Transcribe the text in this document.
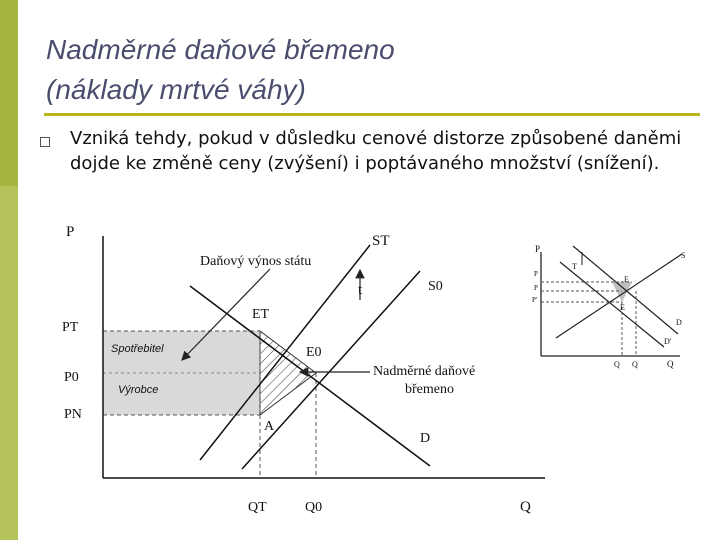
Nadměrné daňové břemeno
(náklady mrtvé váhy)
Vzniká tehdy, pokud v důsledku cenové distorze způsobené daněmi dojde ke změně ceny (zvýšení) i poptávaného množství (snížení).
P
Q
PT
P0
PN
QT	Q0
ST
S0
D
ET
E0
A
t
Daňový výnos státu
Spotřebitel
Výrobce
Nadměrné daňové
břemeno
P
Q
S
D
D'
E
E
T
P
P
P'
Q Q
